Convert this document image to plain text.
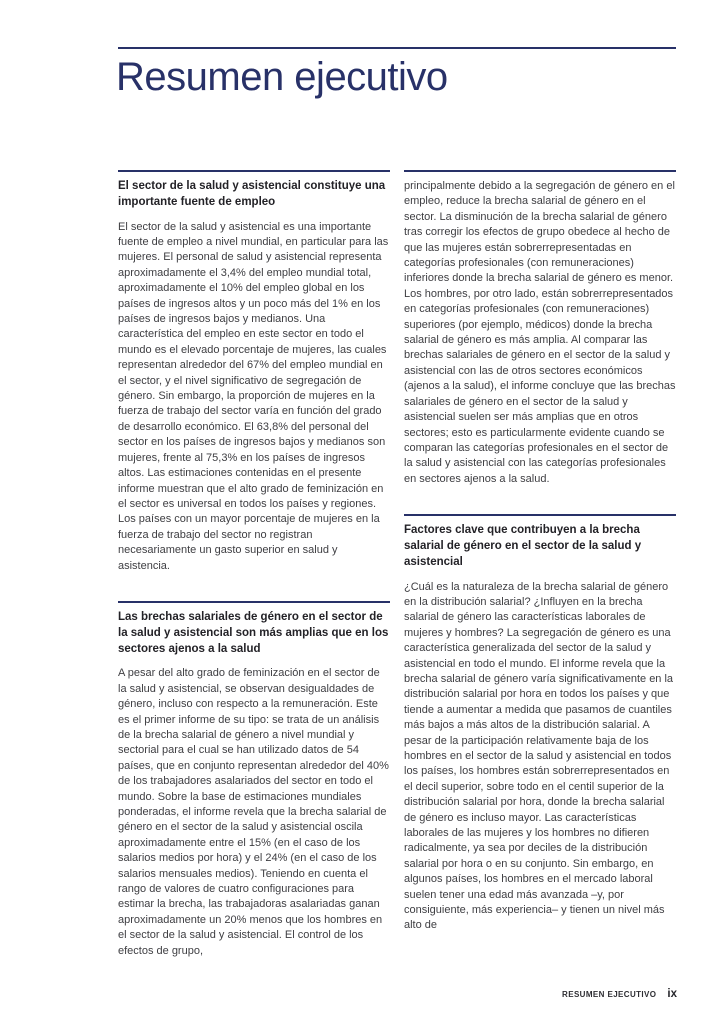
Resumen ejecutivo
El sector de la salud y asistencial constituye una importante fuente de empleo

El sector de la salud y asistencial es una importante fuente de empleo a nivel mundial, en particular para las mujeres. El personal de salud y asistencial representa aproximadamente el 3,4% del empleo mundial total, aproximadamente el 10% del empleo global en los países de ingresos altos y un poco más del 1% en los países de ingresos bajos y medianos. Una característica del empleo en este sector en todo el mundo es el elevado porcentaje de mujeres, las cuales representan alrededor del 67% del empleo mundial en el sector, y el nivel significativo de segregación de género. Sin embargo, la proporción de mujeres en la fuerza de trabajo del sector varía en función del grado de desarrollo económico. El 63,8% del personal del sector en los países de ingresos bajos y medianos son mujeres, frente al 75,3% en los países de ingresos altos. Las estimaciones contenidas en el presente informe muestran que el alto grado de feminización en el sector es universal en todos los países y regiones. Los países con un mayor porcentaje de mujeres en la fuerza de trabajo del sector no registran necesariamente un gasto superior en salud y asistencia.

Las brechas salariales de género en el sector de la salud y asistencial son más amplias que en los sectores ajenos a la salud

A pesar del alto grado de feminización en el sector de la salud y asistencial, se observan desigualdades de género, incluso con respecto a la remuneración. Este es el primer informe de su tipo: se trata de un análisis de la brecha salarial de género a nivel mundial y sectorial para el cual se han utilizado datos de 54 países, que en conjunto representan alrededor del 40% de los trabajadores asalariados del sector en todo el mundo. Sobre la base de estimaciones mundiales ponderadas, el informe revela que la brecha salarial de género en el sector de la salud y asistencial oscila aproximadamente entre el 15% (en el caso de los salarios medios por hora) y el 24% (en el caso de los salarios mensuales medios). Teniendo en cuenta el rango de valores de cuatro configuraciones para estimar la brecha, las trabajadoras asalariadas ganan aproximadamente un 20% menos que los hombres en el sector de la salud y asistencial. El control de los efectos de grupo,

principalmente debido a la segregación de género en el empleo, reduce la brecha salarial de género en el sector. La disminución de la brecha salarial de género tras corregir los efectos de grupo obedece al hecho de que las mujeres están sobrerrepresentadas en categorías profesionales (con remuneraciones) inferiores donde la brecha salarial de género es menor. Los hombres, por otro lado, están sobrerrepresentados en categorías profesionales (con remuneraciones) superiores (por ejemplo, médicos) donde la brecha salarial de género es más amplia. Al comparar las brechas salariales de género en el sector de la salud y asistencial con las de otros sectores económicos (ajenos a la salud), el informe concluye que las brechas salariales de género en el sector de la salud y asistencial suelen ser más amplias que en otros sectores; esto es particularmente evidente cuando se comparan las categorías profesionales en el sector de la salud y asistencial con las categorías profesionales en sectores ajenos a la salud.

Factores clave que contribuyen a la brecha salarial de género en el sector de la salud y asistencial

¿Cuál es la naturaleza de la brecha salarial de género en la distribución salarial? ¿Influyen en la brecha salarial de género las características laborales de mujeres y hombres? La segregación de género es una característica generalizada del sector de la salud y asistencial en todo el mundo. El informe revela que la brecha salarial de género varía significativamente en la distribución salarial por hora en todos los países y que tiende a aumentar a medida que pasamos de cuantiles más bajos a más altos de la distribución salarial. A pesar de la participación relativamente baja de los hombres en el sector de la salud y asistencial en todos los países, los hombres están sobrerrepresentados en el decil superior, sobre todo en el centil superior de la distribución salarial por hora, donde la brecha salarial de género es incluso mayor. Las características laborales de las mujeres y los hombres no difieren radicalmente, ya sea por deciles de la distribución salarial por hora o en su conjunto. Sin embargo, en algunos países, los hombres en el mercado laboral suelen tener una edad más avanzada –y, por consiguiente, más experiencia– y tienen un nivel más alto de

RESUMEN EJECUTIVO ix
